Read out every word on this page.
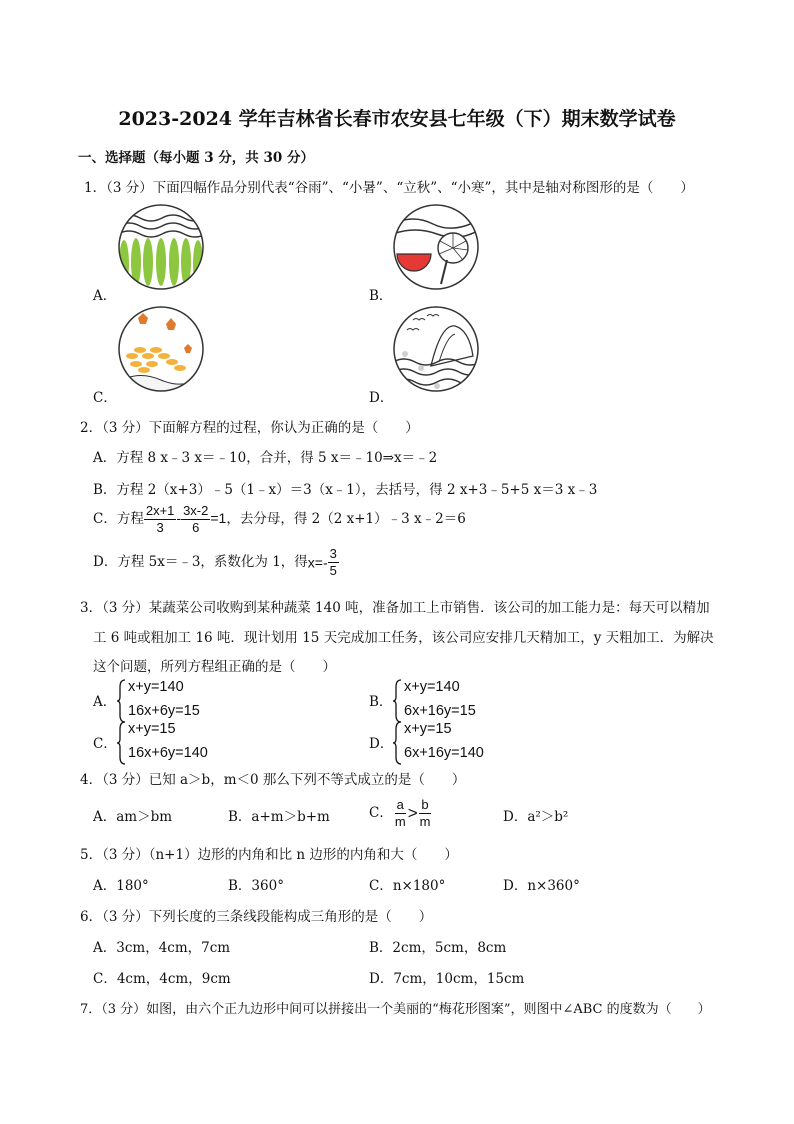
2023-2024 学年吉林省长春市农安县七年级（下）期末数学试卷
一、选择题（每小题 3 分，共 30 分）
1．（3 分）下面四幅作品分别代表“谷雨”、“小暑”、“立秋”、“小寒”，其中是轴对称图形的是（　　）
A．	B．
C．	D．
2．（3 分）下面解方程的过程，你认为正确的是（　　）
A．方程 8 x﹣3 x＝﹣10，合并，得 5 x＝﹣10⇒x＝﹣2
B．方程 2（x+3）﹣5（1﹣x）＝3（x﹣1），去括号，得 2 x+3﹣5+5 x＝3 x﹣3
C．方程 $\frac{2x+1}{3} - \frac{3x-2}{6} =1$，去分母，得 2（2 x+1）﹣3 x﹣2＝6
D．方程 5x＝﹣3，系数化为 1，得$x=- \frac{3}{5}$
3．（3 分）某蔬菜公司收购到某种蔬菜 140 吨，准备加工上市销售．该公司的加工能力是：每天可以精加
工 6 吨或粗加工 16 吨．现计划用 15 天完成加工任务，该公司应安排几天精加工，y 天粗加工．为解决
这个问题，所列方程组正确的是（　　）
A．
x+y=140
16x+6y=15
B．
x+y=140
6x+16y=15
C．
x+y=15
16x+6y=140
D．
x+y=15
6x+16y=140
4．（3 分）已知 a＞b，m＜0 那么下列不等式成立的是（　　）
A．am＞bm	B．a+m＞b+m	C． $\frac{a}{m} > \frac{b}{m}$	D．a²＞b²
5．（3 分）（n+1）边形的内角和比 n 边形的内角和大（　　）
A．180°	B．360°	C．n×180°	D．n×360°
6．（3 分）下列长度的三条线段能构成三角形的是（　　）
A．3cm，4cm，7cm	B．2cm，5cm，8cm
C．4cm，4cm，9cm	D．7cm，10cm，15cm
7．（3 分）如图，由六个正九边形中间可以拼接出一个美丽的“梅花形图案”，则图中∠ABC 的度数为（　　）
